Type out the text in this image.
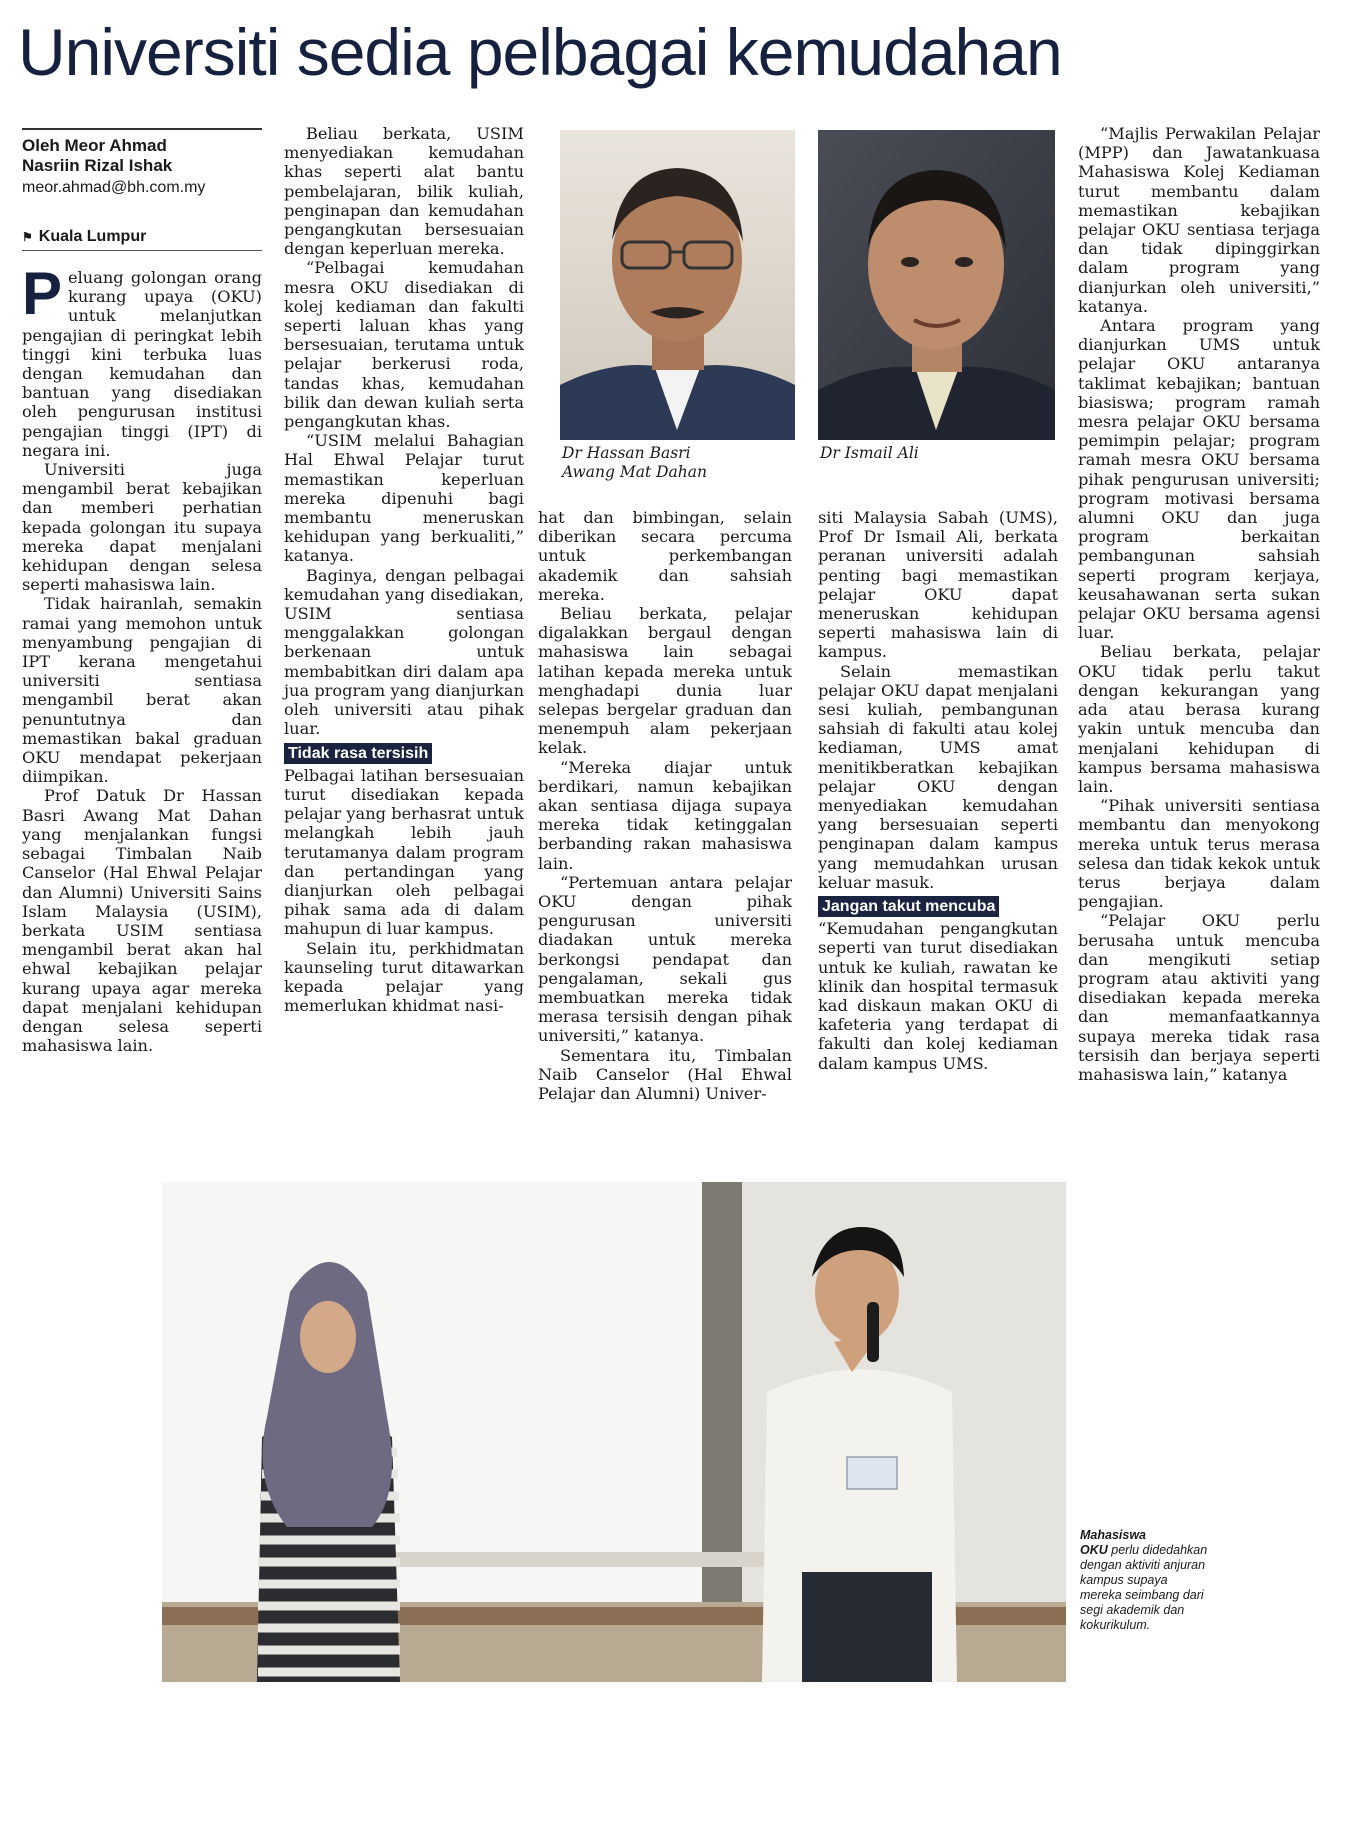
Universiti sedia pelbagai kemudahan
Oleh Meor Ahmad
Nasriin Rizal Ishak
meor.ahmad@bh.com.my
⚑ Kuala Lumpur

Peluang golongan orang kurang upaya (OKU) untuk melanjutkan pengajian di peringkat lebih tinggi kini terbuka luas dengan kemudahan dan bantuan yang disediakan oleh pengurusan institusi pengajian tinggi (IPT) di negara ini.

Universiti juga mengambil berat kebajikan dan memberi perhatian kepada golongan itu supaya mereka dapat menjalani kehidupan dengan selesa seperti mahasiswa lain.

Tidak hairanlah, semakin ramai yang memohon untuk menyambung pengajian di IPT kerana mengetahui universiti sentiasa mengambil berat akan penuntutnya dan memastikan bakal graduan OKU mendapat pekerjaan diimpikan.

Prof Datuk Dr Hassan Basri Awang Mat Dahan yang menjalankan fungsi sebagai Timbalan Naib Canselor (Hal Ehwal Pelajar dan Alumni) Universiti Sains Islam Malaysia (USIM), berkata USIM sentiasa mengambil berat akan hal ehwal kebajikan pelajar kurang upaya agar mereka dapat menjalani kehidupan dengan selesa seperti mahasiswa lain.

Beliau berkata, USIM menyediakan kemudahan khas seperti alat bantu pembelajaran, bilik kuliah, penginapan dan kemudahan pengangkutan bersesuaian dengan keperluan mereka.

“Pelbagai kemudahan mesra OKU disediakan di kolej kediaman dan fakulti seperti laluan khas yang bersesuaian, terutama untuk pelajar berkerusi roda, tandas khas, kemudahan bilik dan dewan kuliah serta pengangkutan khas.

“USIM melalui Bahagian Hal Ehwal Pelajar turut memastikan keperluan mereka dipenuhi bagi membantu meneruskan kehidupan yang berkualiti,” katanya.

Baginya, dengan pelbagai kemudahan yang disediakan, USIM sentiasa menggalakkan golongan berkenaan untuk membabitkan diri dalam apa jua program yang dianjurkan oleh universiti atau pihak luar.

Tidak rasa tersisih

Pelbagai latihan bersesuaian turut disediakan kepada pelajar yang berhasrat untuk melangkah lebih jauh terutamanya dalam program dan pertandingan yang dianjurkan oleh pelbagai pihak sama ada di dalam mahupun di luar kampus.

Selain itu, perkhidmatan kaunseling turut ditawarkan kepada pelajar yang memerlukan khidmat nasi-

Dr Hassan Basri
Awang Mat Dahan
Dr Ismail Ali

hat dan bimbingan, selain diberikan secara percuma untuk perkembangan akademik dan sahsiah mereka.

Beliau berkata, pelajar digalakkan bergaul dengan mahasiswa lain sebagai latihan kepada mereka untuk menghadapi dunia luar selepas bergelar graduan dan menempuh alam pekerjaan kelak.

“Mereka diajar untuk berdikari, namun kebajikan akan sentiasa dijaga supaya mereka tidak ketinggalan berbanding rakan mahasiswa lain.

“Pertemuan antara pelajar OKU dengan pihak pengurusan universiti diadakan untuk mereka berkongsi pendapat dan pengalaman, sekali gus membuatkan mereka tidak merasa tersisih dengan pihak universiti,” katanya.

Sementara itu, Timbalan Naib Canselor (Hal Ehwal Pelajar dan Alumni) Univer-

siti Malaysia Sabah (UMS), Prof Dr Ismail Ali, berkata peranan universiti adalah penting bagi memastikan pelajar OKU dapat meneruskan kehidupan seperti mahasiswa lain di kampus.

Selain memastikan pelajar OKU dapat menjalani sesi kuliah, pembangunan sahsiah di fakulti atau kolej kediaman, UMS amat menitikberatkan kebajikan pelajar OKU dengan menyediakan kemudahan yang bersesuaian seperti penginapan dalam kampus yang memudahkan urusan keluar masuk.

Jangan takut mencuba

“Kemudahan pengangkutan seperti van turut disediakan untuk ke kuliah, rawatan ke klinik dan hospital termasuk kad diskaun makan OKU di kafeteria yang terdapat di fakulti dan kolej kediaman dalam kampus UMS.

“Majlis Perwakilan Pelajar (MPP) dan Jawatankuasa Mahasiswa Kolej Kediaman turut membantu dalam memastikan kebajikan pelajar OKU sentiasa terjaga dan tidak dipinggirkan dalam program yang dianjurkan oleh universiti,” katanya.

Antara program yang dianjurkan UMS untuk pelajar OKU antaranya taklimat kebajikan; bantuan biasiswa; program ramah mesra pelajar OKU bersama pemimpin pelajar; program ramah mesra OKU bersama pihak pengurusan universiti; program motivasi bersama alumni OKU dan juga program berkaitan pembangunan sahsiah seperti program kerjaya, keusahawanan serta sukan pelajar OKU bersama agensi luar.

Beliau berkata, pelajar OKU tidak perlu takut dengan kekurangan yang ada atau berasa kurang yakin untuk mencuba dan menjalani kehidupan di kampus bersama mahasiswa lain.

“Pihak universiti sentiasa membantu dan menyokong mereka untuk terus merasa selesa dan tidak kekok untuk terus berjaya dalam pengajian.

“Pelajar OKU perlu berusaha untuk mencuba dan mengikuti setiap program atau aktiviti yang disediakan kepada mereka dan memanfaatkannya supaya mereka tidak rasa tersisih dan berjaya seperti mahasiswa lain,” katanya

Mahasiswa
OKU perlu didedahkan dengan aktiviti anjuran kampus supaya mereka seimbang dari segi akademik dan kokurikulum.
